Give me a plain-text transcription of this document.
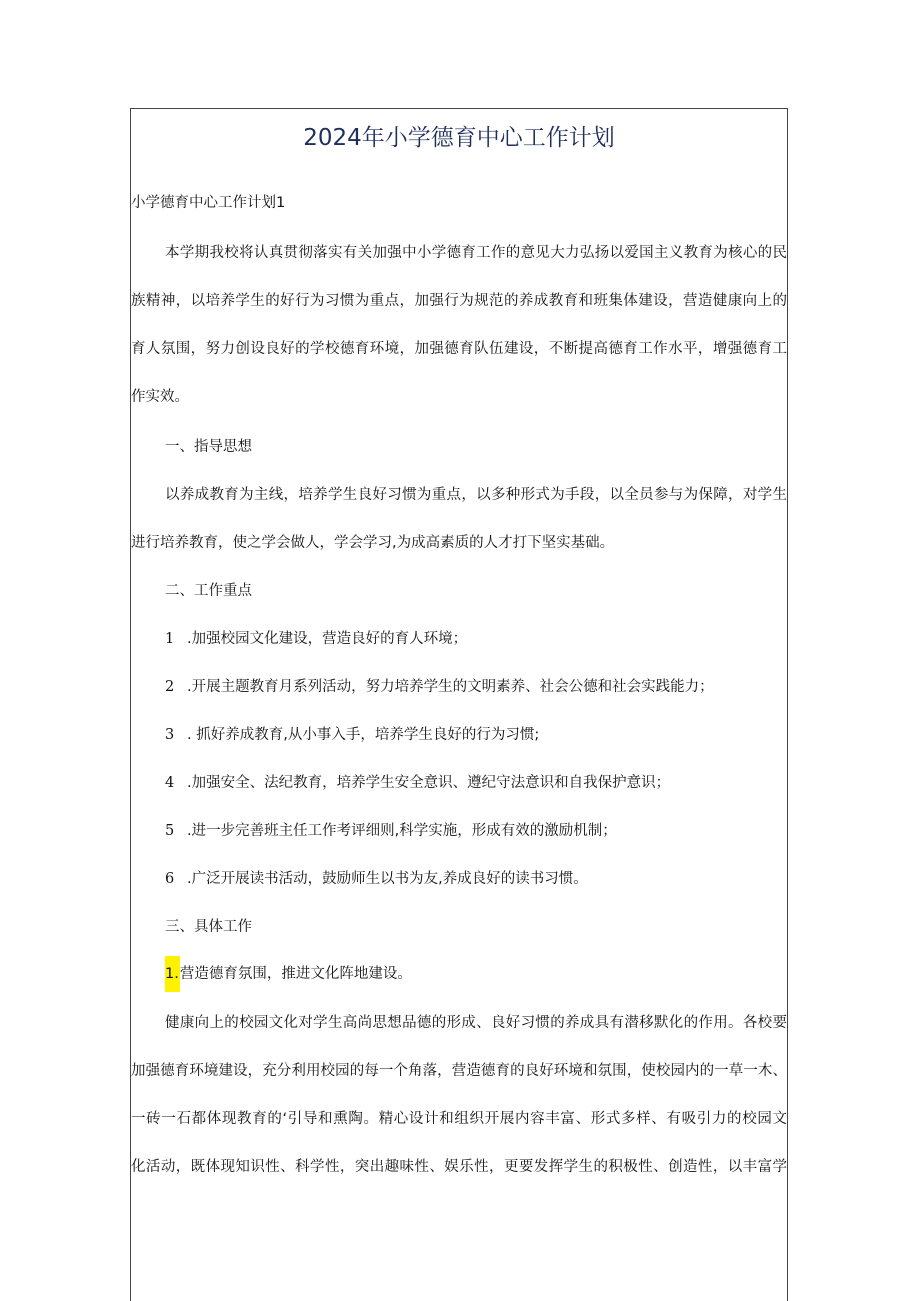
2024年小学德育中心工作计划
小学德育中心工作计划1
本学期我校将认真贯彻落实有关加强中小学德育工作的意见大力弘扬以爱国主义教育为核心的民
族精神，以培养学生的好行为习惯为重点，加强行为规范的养成教育和班集体建设，营造健康向上的
育人氛围，努力创设良好的学校德育环境，加强德育队伍建设，不断提高德育工作水平，增强德育工
作实效。
一、指导思想
以养成教育为主线，培养学生良好习惯为重点，以多种形式为手段，以全员参与为保障，对学生
进行培养教育，使之学会做人，学会学习,为成高素质的人才打下坚实基础。
二、工作重点
1 .加强校园文化建设，营造良好的育人环境；
2 .开展主题教育月系列活动，努力培养学生的文明素养、社会公德和社会实践能力；
3 . 抓好养成教育,从小事入手，培养学生良好的行为习惯;
4 .加强安全、法纪教育，培养学生安全意识、遵纪守法意识和自我保护意识；
5 .进一步完善班主任工作考评细则,科学实施，形成有效的激励机制；
6 .广泛开展读书活动，鼓励师生以书为友,养成良好的读书习惯。
三、具体工作
1.营造德育氛围，推进文化阵地建设。
健康向上的校园文化对学生高尚思想品德的形成、良好习惯的养成具有潜移默化的作用。各校要
加强德育环境建设，充分利用校园的每一个角落，营造德育的良好环境和氛围，使校园内的一草一木、
一砖一石都体现教育的‘引导和熏陶。精心设计和组织开展内容丰富、形式多样、有吸引力的校园文
化活动，既体现知识性、科学性，突出趣味性、娱乐性，更要发挥学生的积极性、创造性，以丰富学
